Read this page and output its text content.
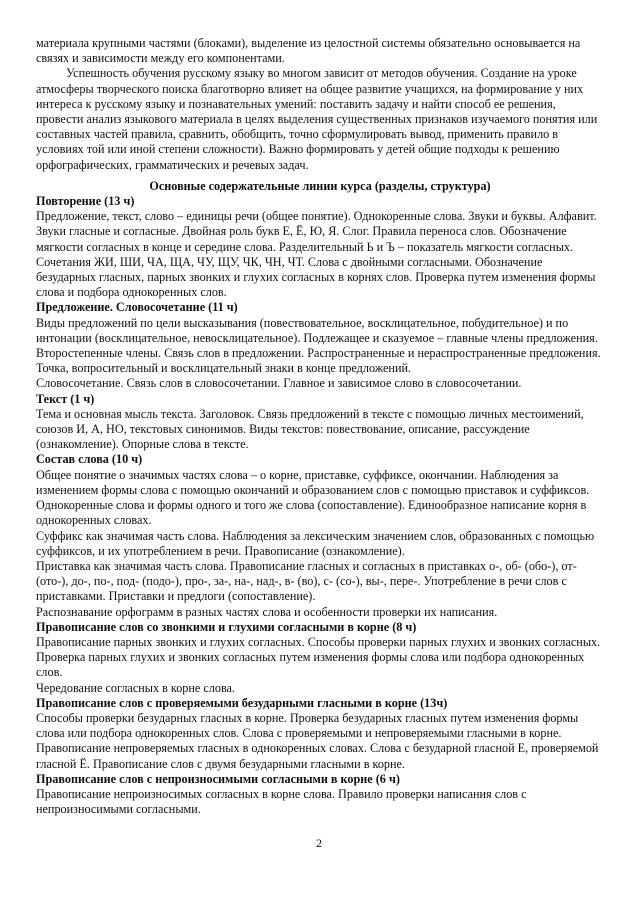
материала крупными частями (блоками), выделение из целостной системы обязательно основывается на связях и зависимости между его компонентами.

Успешность обучения русскому языку во многом зависит от методов обучения. Создание на уроке атмосферы творческого поиска благотворно влияет на общее развитие учащихся, на формирование у них интереса к русскому языку и познавательных умений: поставить задачу и найти способ ее решения, провести анализ языкового материала в целях выделения существенных признаков изучаемого понятия или составных частей правила, сравнить, обобщить, точно сформулировать вывод, применить правило в условиях той или иной степени сложности). Важно формировать у детей общие подходы к решению орфографических, грамматических и речевых задач.

Основные содержательные линии курса (разделы, структура)
Повторение (13 ч)

Предложение, текст, слово – единицы речи (общее понятие). Однокоренные слова. Звуки и буквы. Алфавит. Звуки гласные и согласные. Двойная роль букв Е, Ё, Ю, Я. Слог. Правила переноса слов. Обозначение мягкости согласных в конце и середине слова. Разделительный Ь и Ъ – показатель мягкости согласных. Сочетания ЖИ, ШИ, ЧА, ЩА, ЧУ, ЩУ, ЧК, ЧН, ЧТ. Слова с двойными согласными. Обозначение безударных гласных, парных звонких и глухих согласных в корнях слов. Проверка путем изменения формы слова и подбора однокоренных слов.

Предложение. Словосочетание (11 ч)

Виды предложений по цели высказывания (повествовательное, восклицательное, побудительное) и по интонации (восклицательное, невосклицательное). Подлежащее и сказуемое – главные члены предложения. Второстепенные члены. Связь слов в предложении. Распространенные и нераспространенные предложения. Точка, вопросительный и восклицательный знаки в конце предложений.

Словосочетание. Связь слов в словосочетании. Главное и зависимое слово в словосочетании.

Текст (1 ч)

Тема и основная мысль текста. Заголовок. Связь предложений в тексте с помощью личных местоимений, союзов И, А, НО, текстовых синонимов. Виды текстов: повествование, описание, рассуждение (ознакомление). Опорные слова в тексте.

Состав слова (10 ч)

Общее понятие о значимых частях слова – о корне, приставке, суффиксе, окончании. Наблюдения за изменением формы слова с помощью окончаний и образованием слов с помощью приставок и суффиксов. Однокоренные слова и формы одного и того же слова (сопоставление). Единообразное написание корня в однокоренных словах.

Суффикс как значимая часть слова. Наблюдения за лексическим значением слов, образованных с помощью суффиксов, и их употреблением в речи. Правописание (ознакомление).

Приставка как значимая часть слова. Правописание гласных и согласных в приставках о-, об- (обо-), от-(ото-), до-, по-, под- (подо-), про-, за-, на-, над-, в- (во), с- (со-), вы-, пере-. Употребление в речи слов с приставками. Приставки и предлоги (сопоставление).

Распознавание орфограмм в разных частях слова и особенности проверки их написания.

Правописание слов со звонкими и глухими согласными в корне (8 ч)

Правописание парных звонких и глухих согласных. Способы проверки парных глухих и звонких согласных. Проверка парных глухих и звонких согласных путем изменения формы слова или подбора однокоренных слов.

Чередование согласных в корне слова.

Правописание слов с проверяемыми безударными гласными в корне (13ч)

Способы проверки безударных гласных в корне. Проверка безударных гласных путем изменения формы слова или подбора однокоренных слов. Слова с проверяемыми и непроверяемыми гласными в корне. Правописание непроверяемых гласных в однокоренных словах. Слова с безударной гласной Е, проверяемой гласной Ё. Правописание слов с двумя безударными гласными в корне.

Правописание слов с непроизносимыми согласными в корне (6 ч)

Правописание непроизносимых согласных в корне слова. Правило проверки написания слов с непроизносимыми согласными.

2
